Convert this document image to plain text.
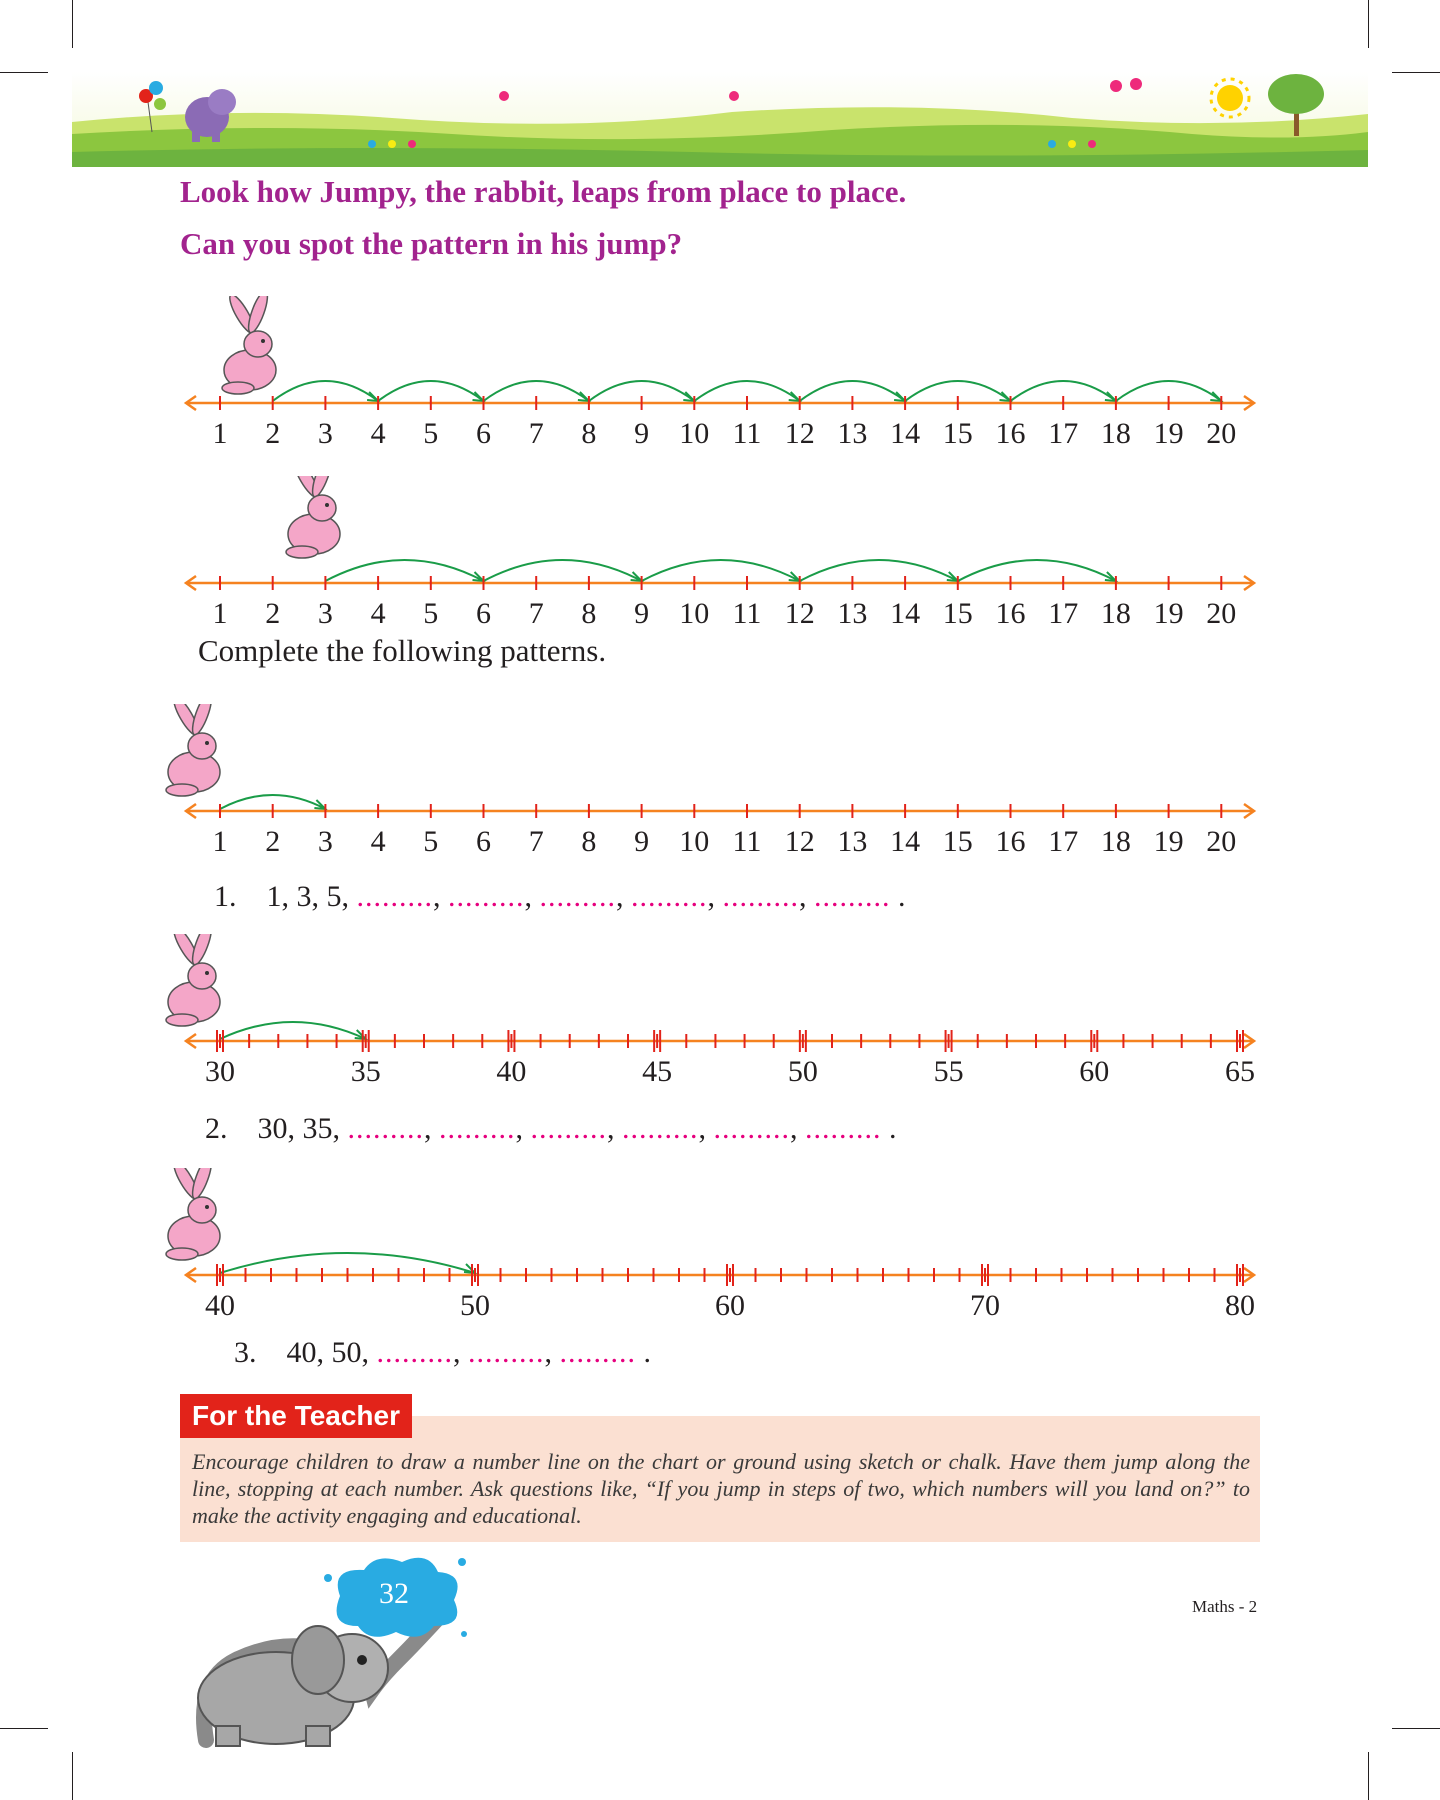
Look how Jumpy, the rabbit, leaps from place to place.
Can you spot the pattern in his jump?
1 2 3 4 5 6 7 8 9 10 11 12 13 14 15 16 17 18 19 20
1 2 3 4 5 6 7 8 9 10 11 12 13 14 15 16 17 18 19 20
Complete the following patterns.
1 2 3 4 5 6 7 8 9 10 11 12 13 14 15 16 17 18 19 20
1.    1, 3, 5, ........., ........., ........., ........., ........., ......... .
30	35	40	45	50	55	60	65
2.    30, 35, ........., ........., ........., ........., ........., ......... .
40	50	60	70	80
3.    40, 50, ........., ........., ......... .
For the Teacher
Encourage children to draw a number line on the chart or ground using sketch or chalk. Have them jump along the line, stopping at each number. Ask questions like, “If you jump in steps of two, which numbers will you land on?” to make the activity engaging and educational.
32	Maths - 2
